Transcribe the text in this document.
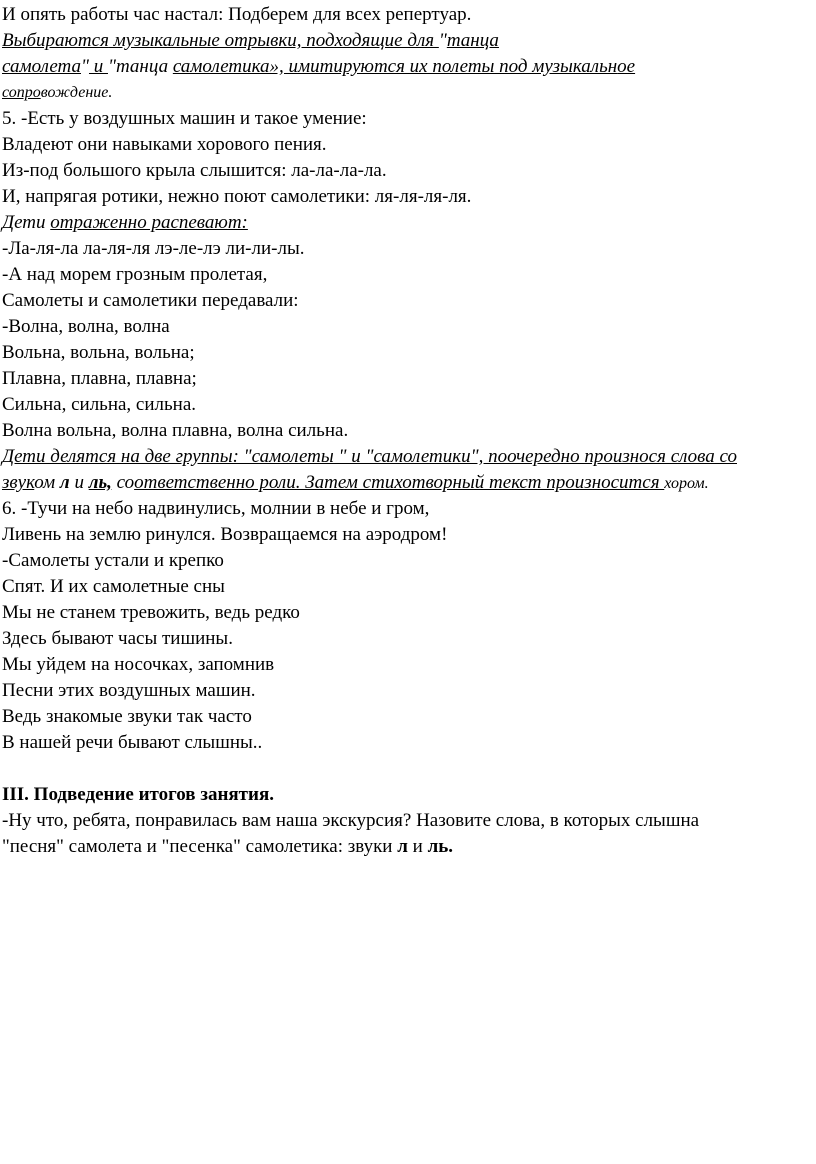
И опять работы час настал: Подберем для всех репертуар.
Выбираются музыкальные отрывки, подходящие для "танца
самолета" и "танца самолетика», имитируются их полеты под музыкальное
сопровождение.
5. -Есть у воздушных машин и такое умение:
Владеют они навыками хорового пения.
Из-под большого крыла слышится: ла-ла-ла-ла.
И, напрягая ротики, нежно поют самолетики: ля-ля-ля-ля.
Дети отраженно распевают:
-Ла-ля-ла ла-ля-ля лэ-ле-лэ ли-ли-лы.
-А над морем грозным пролетая,
Самолеты и самолетики передавали:
-Волна, волна, волна
Вольна, вольна, вольна;
Плавна, плавна, плавна;
Сильна, сильна, сильна.
Волна вольна, волна плавна, волна сильна.
Дети делятся на две группы: "самолеты " и "самолетики", поочередно произнося слова со
звуком л и ль, соответственно роли. Затем стихотворный текст произносится хором.
6. -Тучи на небо надвинулись, молнии в небе и гром,
Ливень на землю ринулся. Возвращаемся на аэродром!
-Самолеты устали и крепко
Спят. И их самолетные сны
Мы не станем тревожить, ведь редко
Здесь бывают часы тишины.
Мы уйдем на носочках, запомнив
Песни этих воздушных машин.
Ведь знакомые звуки так часто
В нашей речи бывают слышны..
III. Подведение итогов занятия.
-Ну что, ребята, понравилась вам наша экскурсия? Назовите слова, в которых слышна
"песня" самолета и "песенка" самолетика: звуки л и ль.
